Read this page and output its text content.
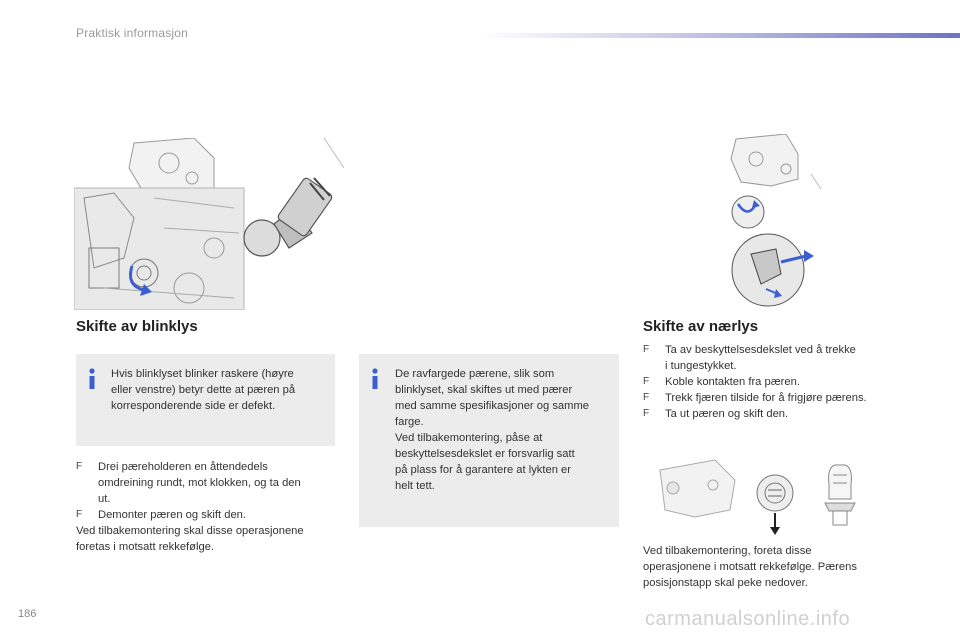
Praktisk informasjon
Skifte av blinklys
Hvis blinklyset blinker raskere (høyre
eller venstre) betyr dette at pæren på
korresponderende side er defekt.
F Drei pæreholderen en åttendedels
omdreining rundt, mot klokken, og ta den
ut.
F Demonter pæren og skift den.
Ved tilbakemontering skal disse operasjonene
foretas i motsatt rekkefølge.
De ravfargede pærene, slik som
blinklyset, skal skiftes ut med pærer
med samme spesifikasjoner og samme
farge.
Ved tilbakemontering, påse at
beskyttelsesdekslet er forsvarlig satt
på plass for å garantere at lykten er
helt tett.
Skifte av nærlys
F Ta av beskyttelsesdekslet ved å trekke
i tungestykket.
F Koble kontakten fra pæren.
F Trekk fjæren tilside for å frigjøre pærens.
F Ta ut pæren og skift den.
Ved tilbakemontering, foreta disse
operasjonene i motsatt rekkefølge. Pærens
posisjonstapp skal peke nedover.
186	carmanualsonline.info
